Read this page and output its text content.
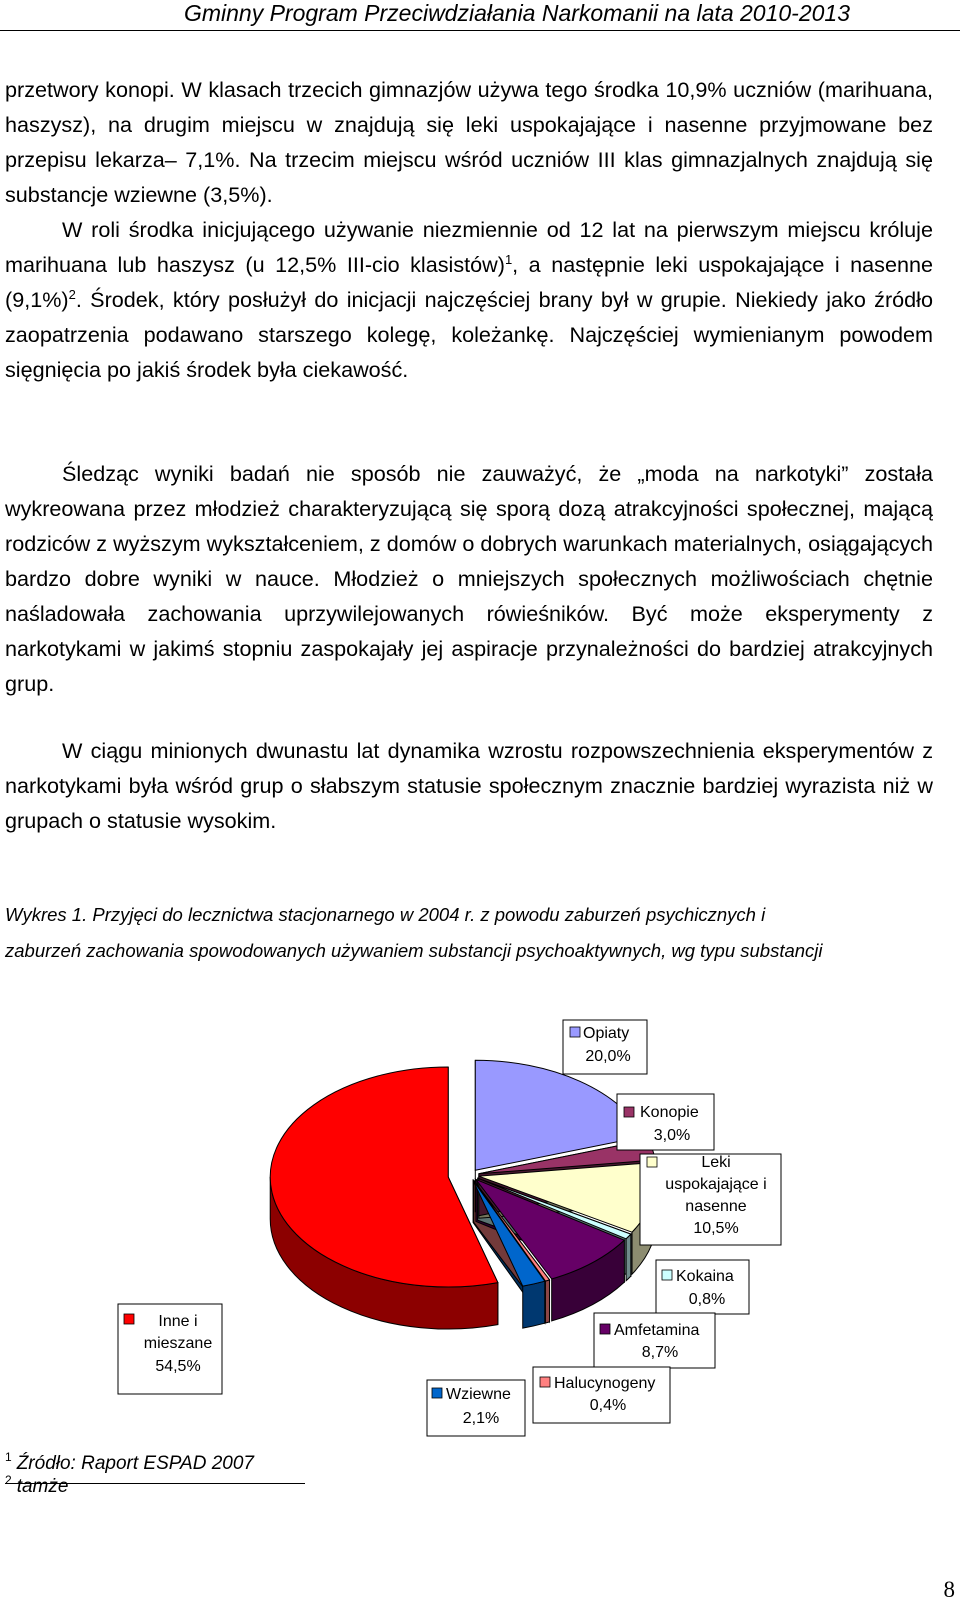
Gminny Program Przeciwdziałania Narkomanii na lata 2010-2013

przetwory konopi. W klasach trzecich gimnazjów używa tego środka 10,9% uczniów (marihuana, haszysz), na drugim miejscu w znajdują się leki uspokajające i nasenne przyjmowane bez przepisu lekarza– 7,1%. Na trzecim miejscu wśród uczniów III klas gimnazjalnych znajdują się substancje wziewne (3,5%).

W roli środka inicjującego używanie niezmiennie od 12 lat na pierwszym miejscu króluje marihuana lub haszysz (u 12,5% III-cio klasistów)$^1$, a następnie leki uspokajające i nasenne $(9,1\%)^2$. Środek, który posłużył do inicjacji najczęściej brany był w grupie. Niekiedy jako źródło zaopatrzenia podawano starszego kolegę, koleżankę. Najczęściej wymienianym powodem sięgnięcia po jakiś środek była ciekawość.

Śledząc wyniki badań nie sposób nie zauważyć, że „moda na narkotyki” została wykreowana przez młodzież charakteryzującą się sporą dozą atrakcyjności społecznej, mającą rodziców z wyższym wykształceniem, z domów o dobrych warunkach materialnych, osiągających bardzo dobre wyniki w nauce. Młodzież o mniejszych społecznych możliwościach chętnie naśladowała zachowania uprzywilejowanych rówieśników. Być może eksperymenty z narkotykami w jakimś stopniu zaspokajały jej aspiracje przynależności do bardziej atrakcyjnych grup.

W ciągu minionych dwunastu lat dynamika wzrostu rozpowszechnienia eksperymentów z narkotykami była wśród grup o słabszym statusie społecznym znacznie bardziej wyrazista niż w grupach o statusie wysokim.

Wykres 1. Przyjęci do lecznictwa stacjonarnego w 2004 r. z powodu zaburzeń psychicznych i

zaburzeń zachowania spowodowanych używaniem substancji psychoaktywnych, wg typu substancji

Opiaty
20,0%
Konopie
3,0%
Leki
uspokajające i
nasenne
10,5%
Kokaina
0,8%
Amfetamina
8,7%
Halucynogeny
0,4%
Wziewne
2,1%
Inne i
mieszane
54,5%
$^1$ Źródło: Raport ESPAD 2007
$^2$ tamże
8
